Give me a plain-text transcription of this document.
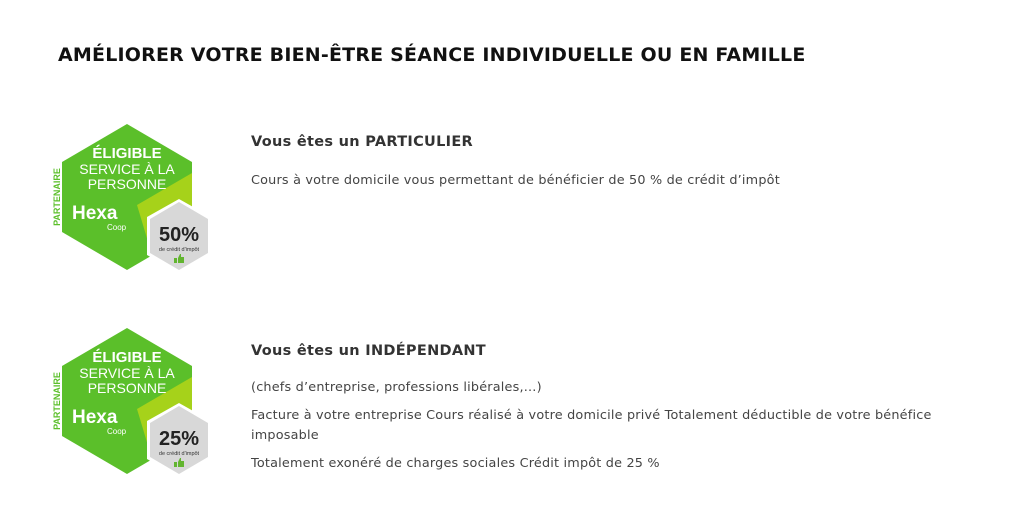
AMÉLIORER VOTRE BIEN-ÊTRE SÉANCE INDIVIDUELLE OU EN FAMILLE
PARTENAIRE
ÉLIGIBLE
SERVICE À LA
PERSONNE
Hexa
Coop 50%
de crédit d'impôt
Vous êtes un PARTICULIER

Cours à votre domicile vous permettant de bénéficier de 50 % de crédit d’impôt

PARTENAIRE
ÉLIGIBLE
SERVICE À LA
PERSONNE
Hexa
Coop 25%
de crédit d'impôt
Vous êtes un INDÉPENDANT

(chefs d’entreprise, professions libérales,...)

Facture à votre entreprise Cours réalisé à votre domicile privé Totalement déductible de votre bénéfice imposable

Totalement exonéré de charges sociales Crédit impôt de 25 %
